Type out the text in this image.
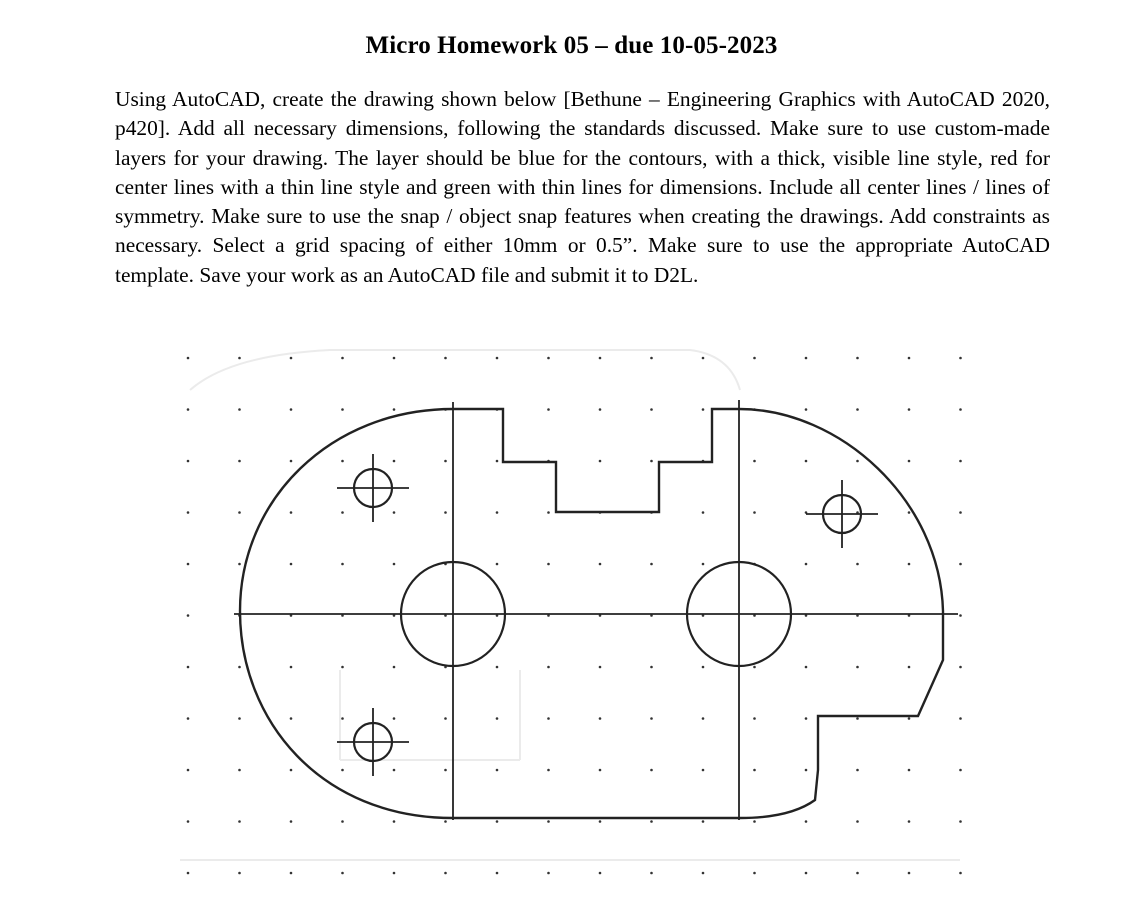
Micro Homework 05 – due 10-05-2023
Using AutoCAD, create the drawing shown below [Bethune – Engineering Graphics with AutoCAD 2020, p420]. Add all necessary dimensions, following the standards discussed. Make sure to use custom-made layers for your drawing. The layer should be blue for the contours, with a thick, visible line style, red for center lines with a thin line style and green with thin lines for dimensions. Include all center lines / lines of symmetry. Make sure to use the snap / object snap features when creating the drawings. Add constraints as necessary. Select a grid spacing of either 10mm or 0.5”. Make sure to use the appropriate AutoCAD template. Save your work as an AutoCAD file and submit it to D2L.
